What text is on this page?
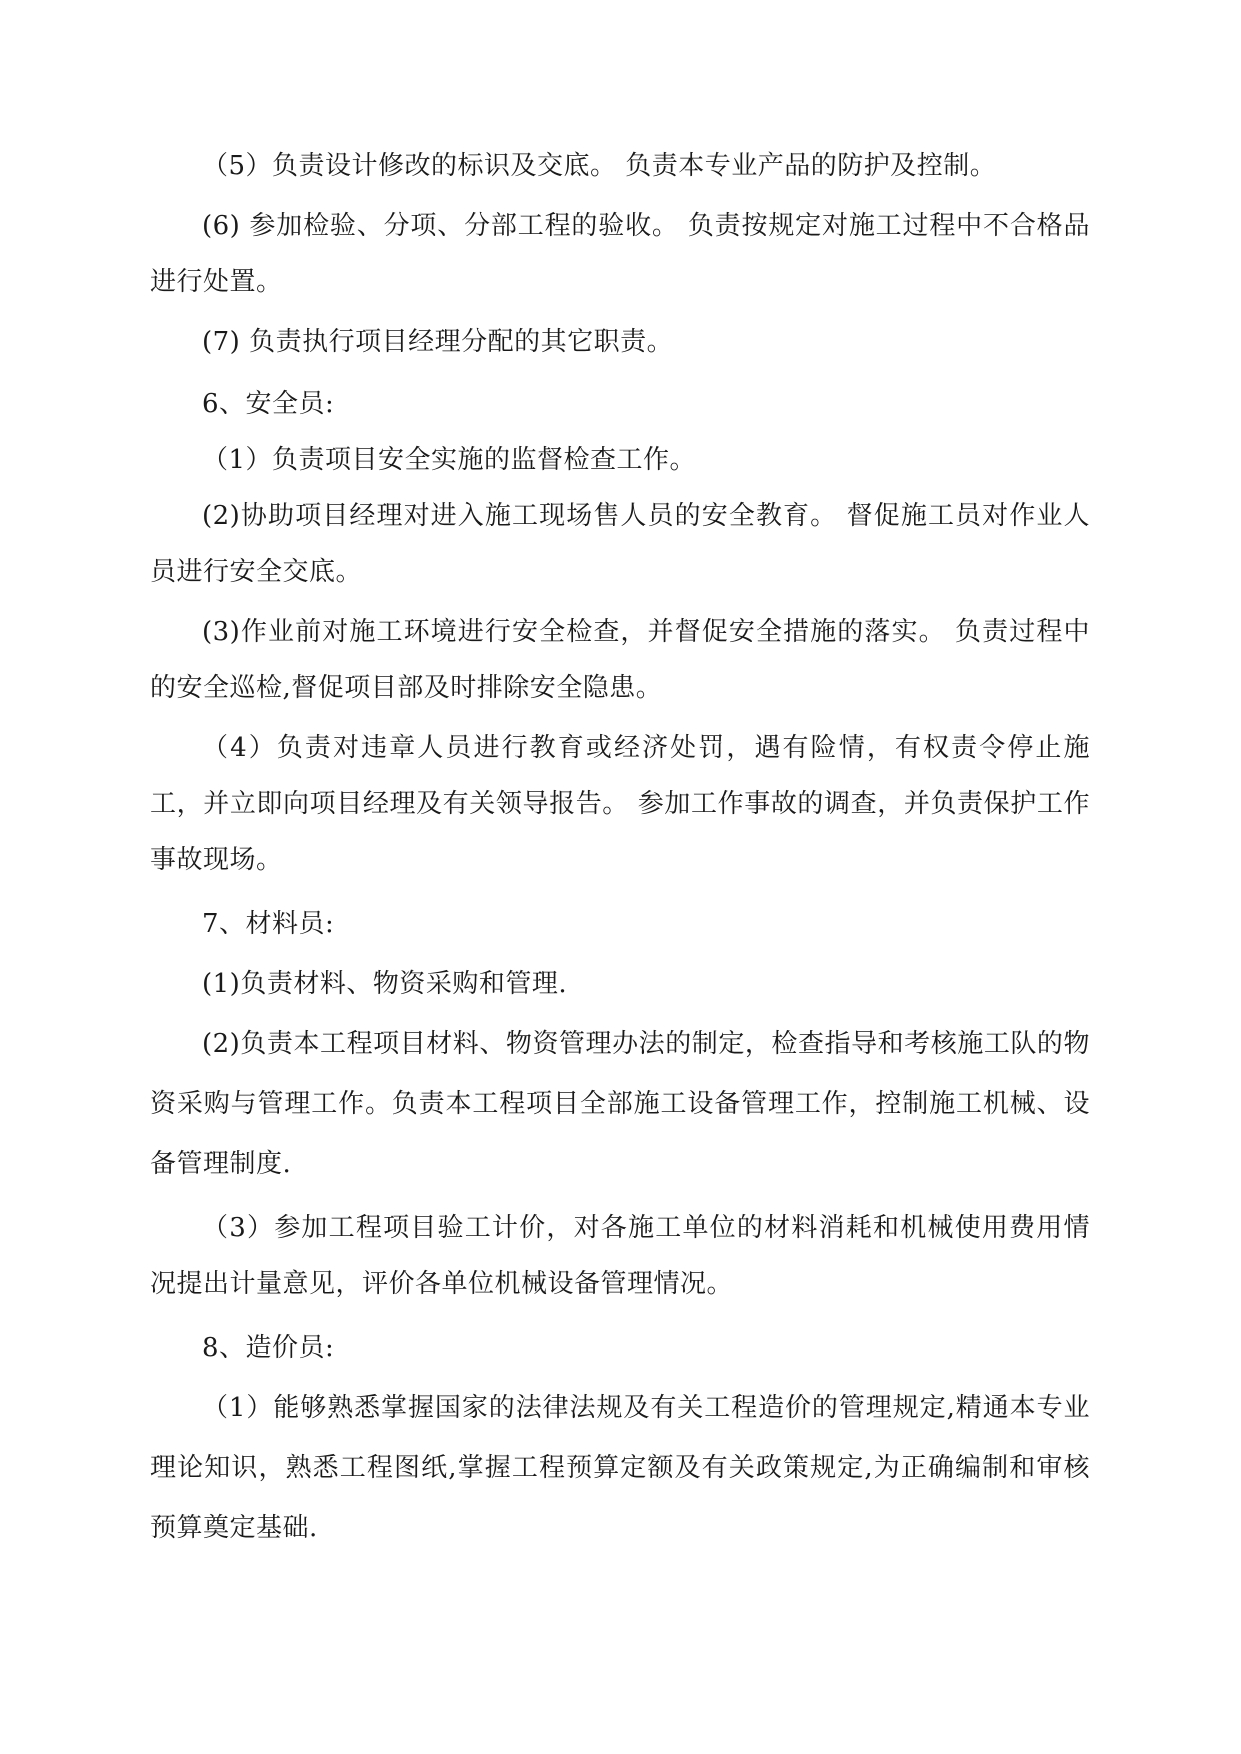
（5）负责设计修改的标识及交底。 负责本专业产品的防护及控制。

(6) 参加检验、分项、分部工程的验收。 负责按规定对施工过程中不合格品进行处置。

(7) 负责执行项目经理分配的其它职责。

6、安全员:

（1）负责项目安全实施的监督检查工作。

(2)协助项目经理对进入施工现场售人员的安全教育。 督促施工员对作业人员进行安全交底。

(3)作业前对施工环境进行安全检查，并督促安全措施的落实。 负责过程中的安全巡检,督促项目部及时排除安全隐患。

（4）负责对违章人员进行教育或经济处罚，遇有险情，有权责令停止施工，并立即向项目经理及有关领导报告。 参加工作事故的调查，并负责保护工作事故现场。

7、材料员:

(1)负责材料、物资采购和管理.

(2)负责本工程项目材料、物资管理办法的制定，检查指导和考核施工队的物资采购与管理工作。负责本工程项目全部施工设备管理工作，控制施工机械、设备管理制度.

（3）参加工程项目验工计价，对各施工单位的材料消耗和机械使用费用情况提出计量意见，评价各单位机械设备管理情况。

8、造价员:

（1）能够熟悉掌握国家的法律法规及有关工程造价的管理规定,精通本专业理论知识，熟悉工程图纸,掌握工程预算定额及有关政策规定,为正确编制和审核预算奠定基础.
